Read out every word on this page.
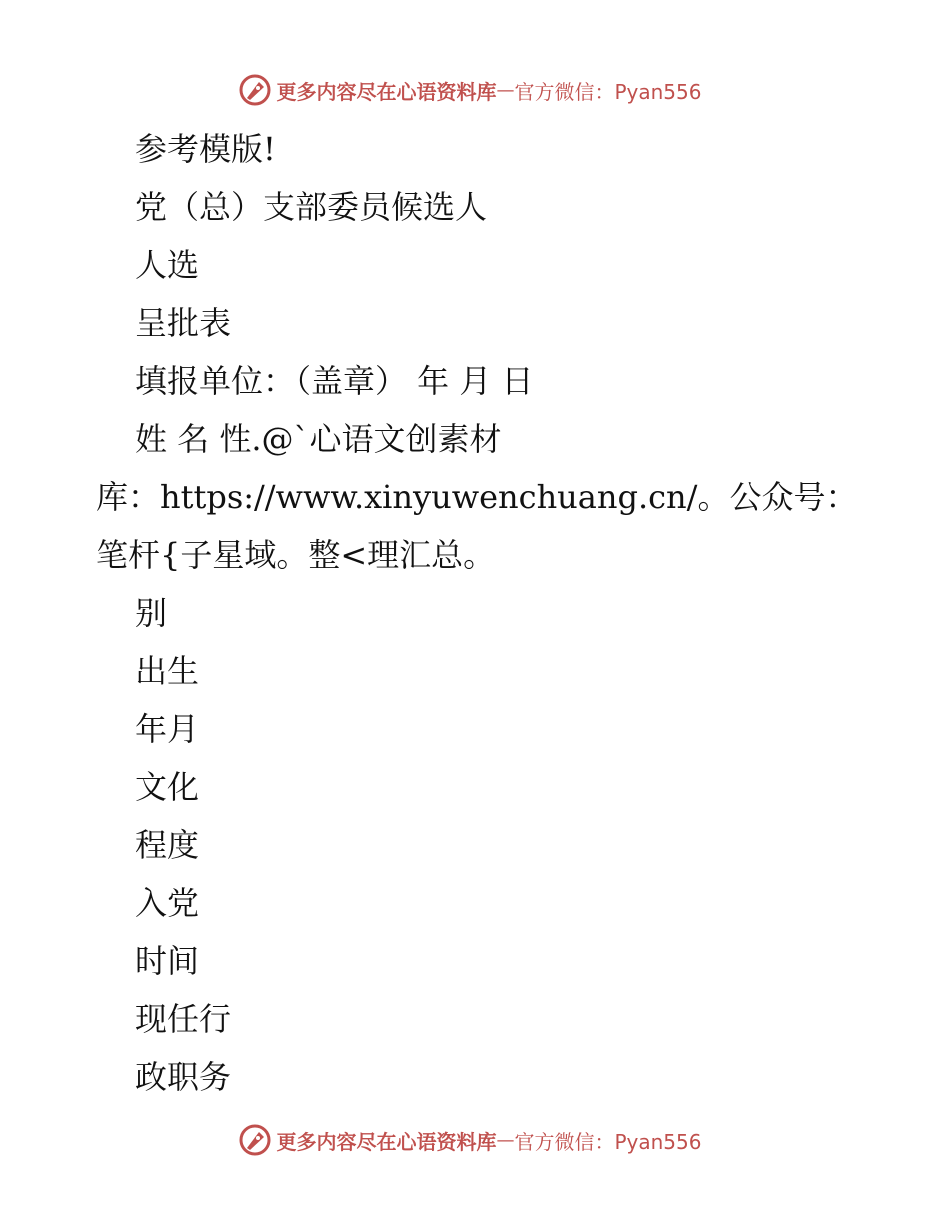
更多内容尽在心语资料库 — 官方微信：Pyan556
参考模版!
党（总）支部委员候选人
人选
呈批表
填报单位：（盖章） 年 月 日
姓 名 性.@`心语文创素材
库：https://www.xinyuwenchuang.cn/。公众号：
笔杆{子星域。整<理汇总。
别
出生
年月
文化
程度
入党
时间
现任行
政职务
更多内容尽在心语资料库 — 官方微信：Pyan556
